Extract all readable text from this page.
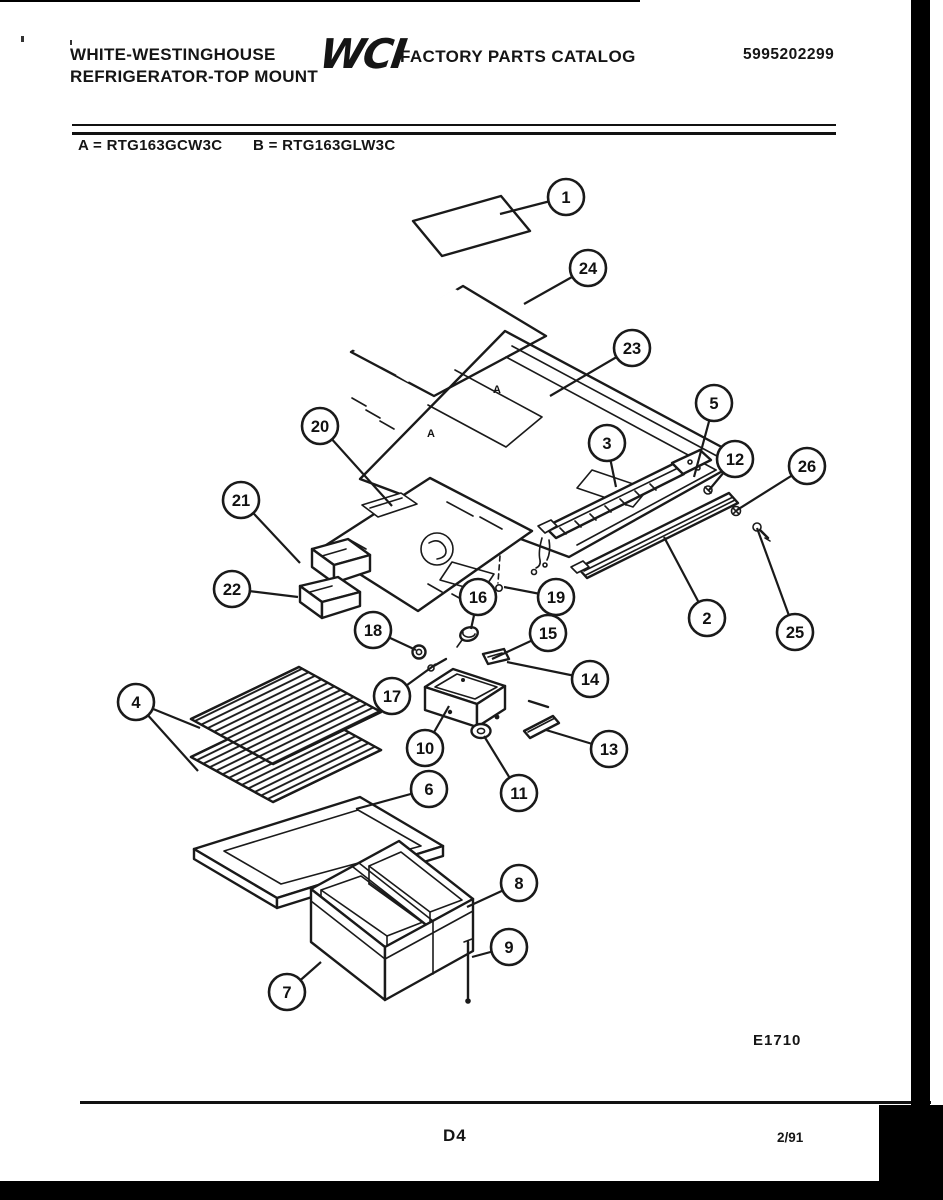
WHITE-WESTINGHOUSE
REFRIGERATOR-TOP MOUNT
WCI
FACTORY PARTS CATALOG	5995202299
A = RTG163GCW3C B = RTG163GLW3C
1
24
23
20
21
22
3
5
12	26
2
25
19
16
18	15
17
14
10	13
11
4
6
8
9
7
A
A
E1710
D4	2/91
